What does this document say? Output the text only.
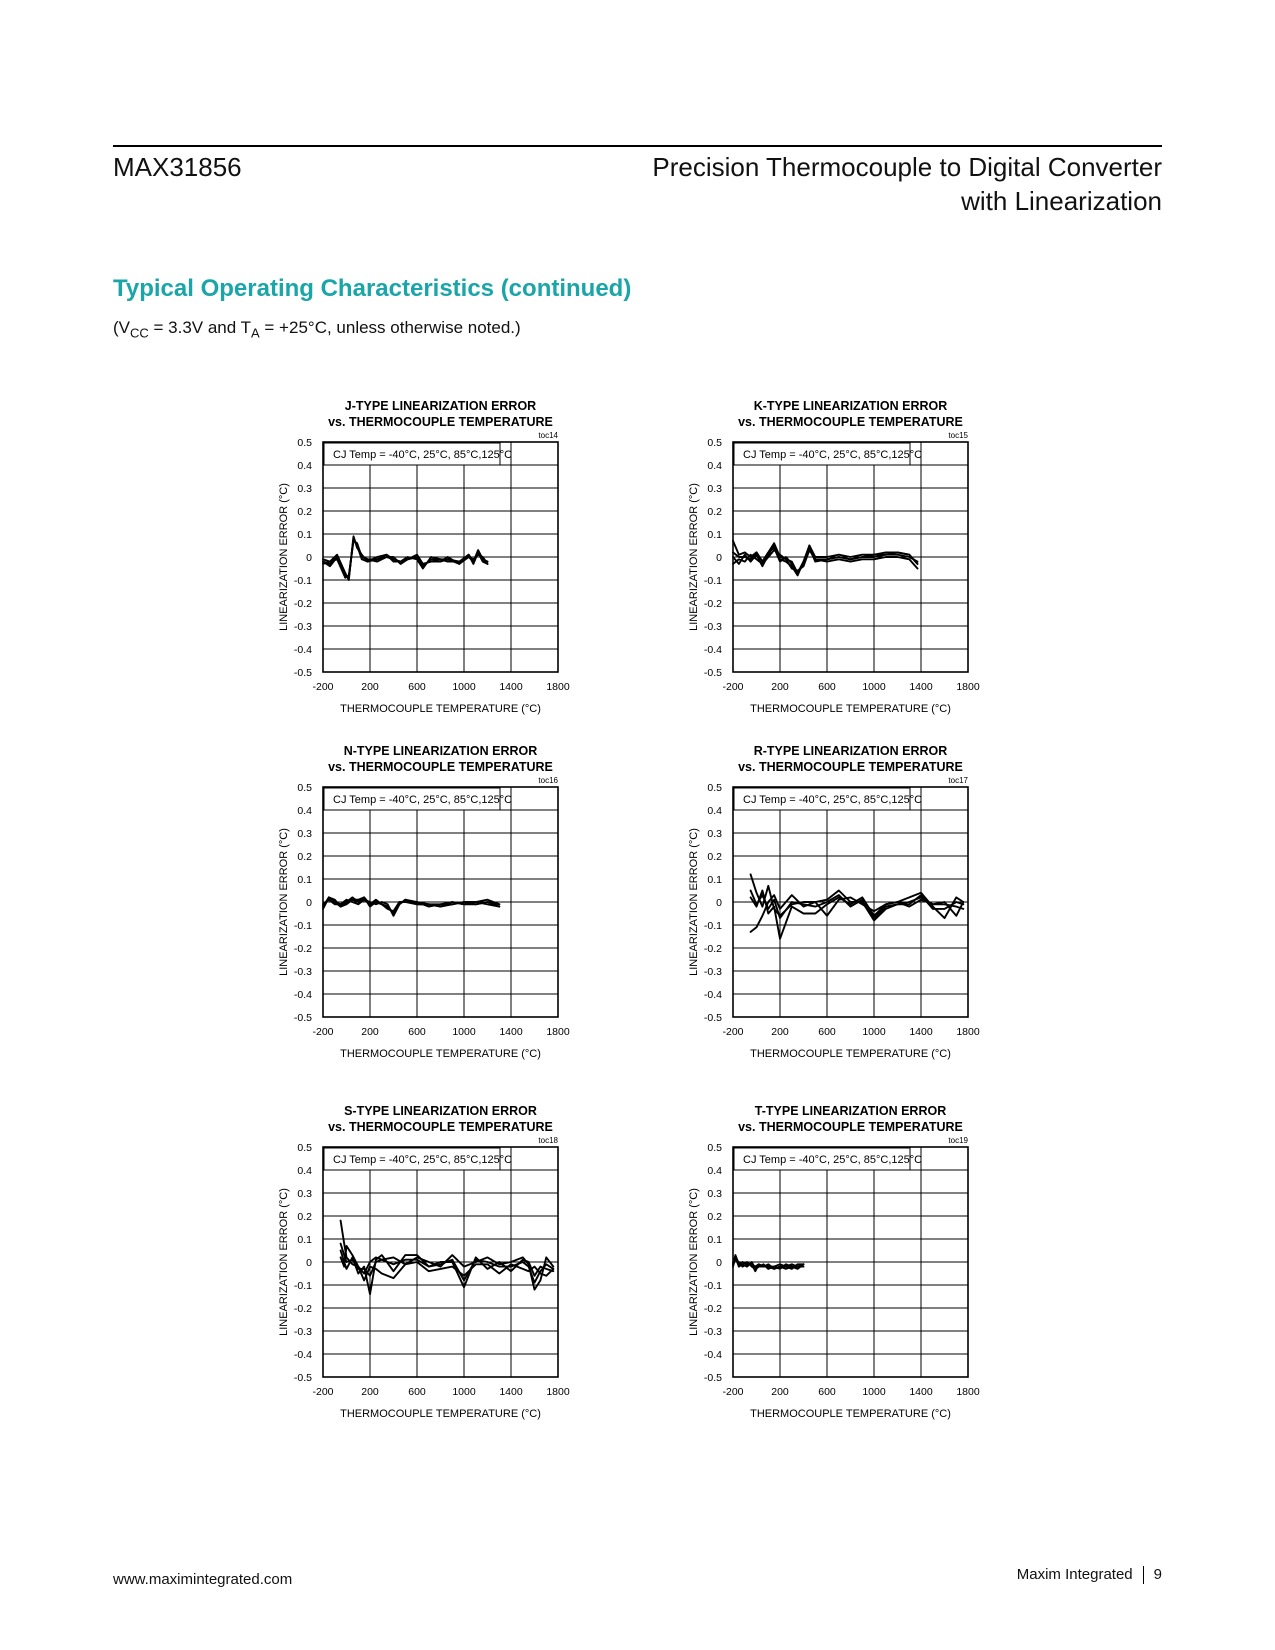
MAX31856	Precision Thermocouple to Digital Converter
with Linearization
Typical Operating Characteristics (continued)
($V_{CC} = 3.3V$ and $T_A = +25^\circ C$, unless otherwise noted.)
J-TYPE LINEARIZATION ERROR
vs. THERMOCOUPLE TEMPERATURE
toc14
CJ Temp = -40°C, 25°C, 85°C,125°C
-200	200	600	1000 1400 1800
0.5
0.4
0.3
0.2
0.1
0
-0.1
-0.2
-0.3
-0.4
-0.5
THERMOCOUPLE TEMPERATURE (°C)
LINEARIZATION ERROR (°C)
K-TYPE LINEARIZATION ERROR
vs. THERMOCOUPLE TEMPERATURE
toc15
CJ Temp = -40°C, 25°C, 85°C,125°C
-200	200	600	1000 1400 1800
0.5
0.4
0.3
0.2
0.1
0
-0.1
-0.2
-0.3
-0.4
-0.5
THERMOCOUPLE TEMPERATURE (°C)
LINEARIZATION ERROR (°C)
N-TYPE LINEARIZATION ERROR
vs. THERMOCOUPLE TEMPERATURE
toc16
CJ Temp = -40°C, 25°C, 85°C,125°C
-200	200	600	1000 1400 1800
0.5
0.4
0.3
0.2
0.1
0
-0.1
-0.2
-0.3
-0.4
-0.5
THERMOCOUPLE TEMPERATURE (°C)
LINEARIZATION ERROR (°C)
R-TYPE LINEARIZATION ERROR
vs. THERMOCOUPLE TEMPERATURE
toc17
CJ Temp = -40°C, 25°C, 85°C,125°C
-200	200	600	1000 1400 1800
0.5
0.4
0.3
0.2
0.1
0
-0.1
-0.2
-0.3
-0.4
-0.5
THERMOCOUPLE TEMPERATURE (°C)
LINEARIZATION ERROR (°C)
S-TYPE LINEARIZATION ERROR
vs. THERMOCOUPLE TEMPERATURE
toc18
CJ Temp = -40°C, 25°C, 85°C,125°C
-200	200	600	1000 1400 1800
0.5
0.4
0.3
0.2
0.1
0
-0.1
-0.2
-0.3
-0.4
-0.5
THERMOCOUPLE TEMPERATURE (°C)
LINEARIZATION ERROR (°C)
T-TYPE LINEARIZATION ERROR
vs. THERMOCOUPLE TEMPERATURE
toc19
CJ Temp = -40°C, 25°C, 85°C,125°C
-200	200	600	1000 1400 1800
0.5
0.4
0.3
0.2
0.1
0
-0.1
-0.2
-0.3
-0.4
-0.5
THERMOCOUPLE TEMPERATURE (°C)
LINEARIZATION ERROR (°C)
www.maximintegrated.com	Maxim Integrated 9
